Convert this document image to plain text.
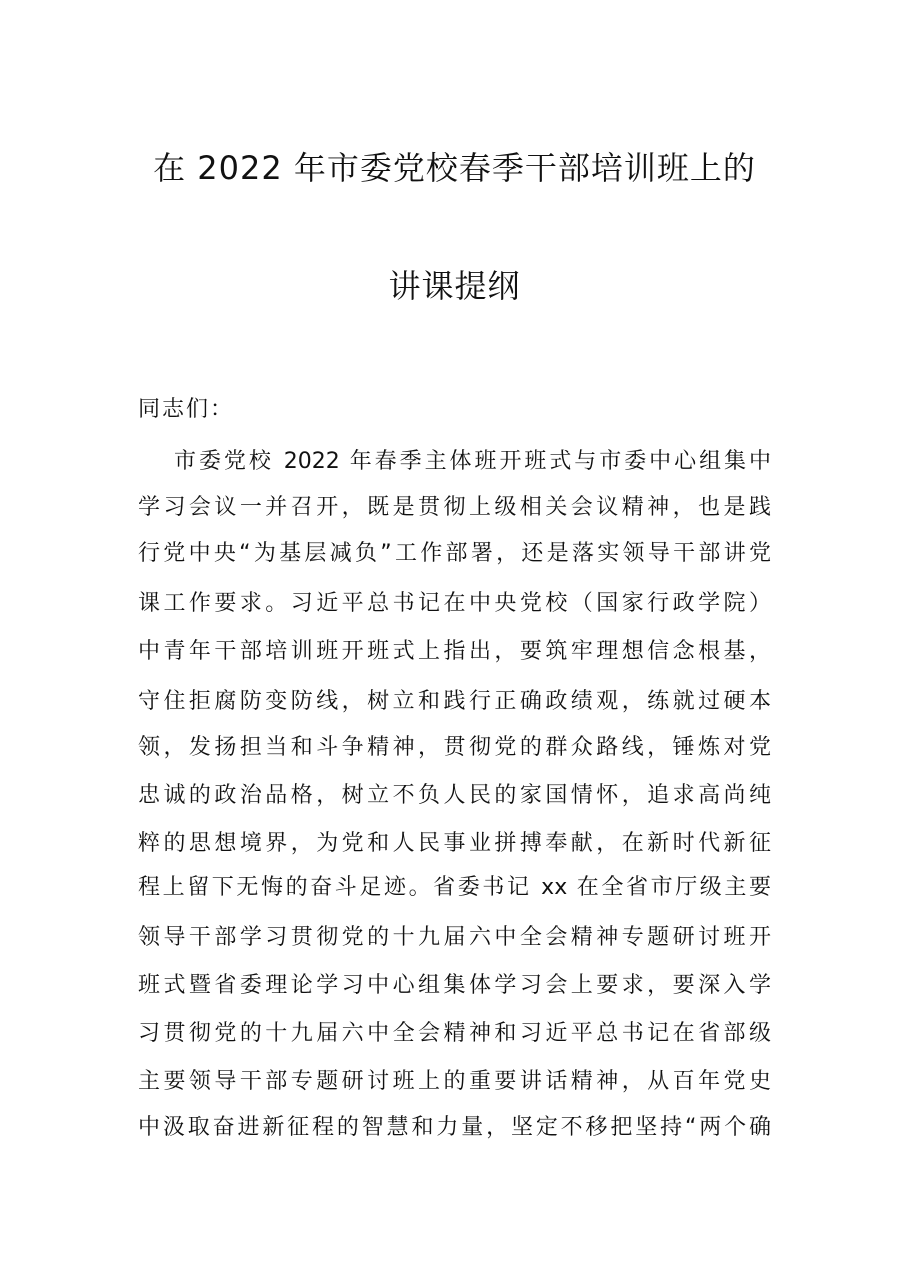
在 2022 年市委党校春季干部培训班上的
讲课提纲
同志们：
市委党校 2022 年春季主体班开班式与市委中心组集中
学习会议一并召开，既是贯彻上级相关会议精神，也是践
行党中央“为基层减负”工作部署，还是落实领导干部讲党
课工作要求。习近平总书记在中央党校（国家行政学院）
中青年干部培训班开班式上指出，要筑牢理想信念根基，
守住拒腐防变防线，树立和践行正确政绩观，练就过硬本
领，发扬担当和斗争精神，贯彻党的群众路线，锤炼对党
忠诚的政治品格，树立不负人民的家国情怀，追求高尚纯
粹的思想境界，为党和人民事业拼搏奉献，在新时代新征
程上留下无悔的奋斗足迹。省委书记 xx 在全省市厅级主要
领导干部学习贯彻党的十九届六中全会精神专题研讨班开
班式暨省委理论学习中心组集体学习会上要求，要深入学
习贯彻党的十九届六中全会精神和习近平总书记在省部级
主要领导干部专题研讨班上的重要讲话精神，从百年党史
中汲取奋进新征程的智慧和力量，坚定不移把坚持“两个确
